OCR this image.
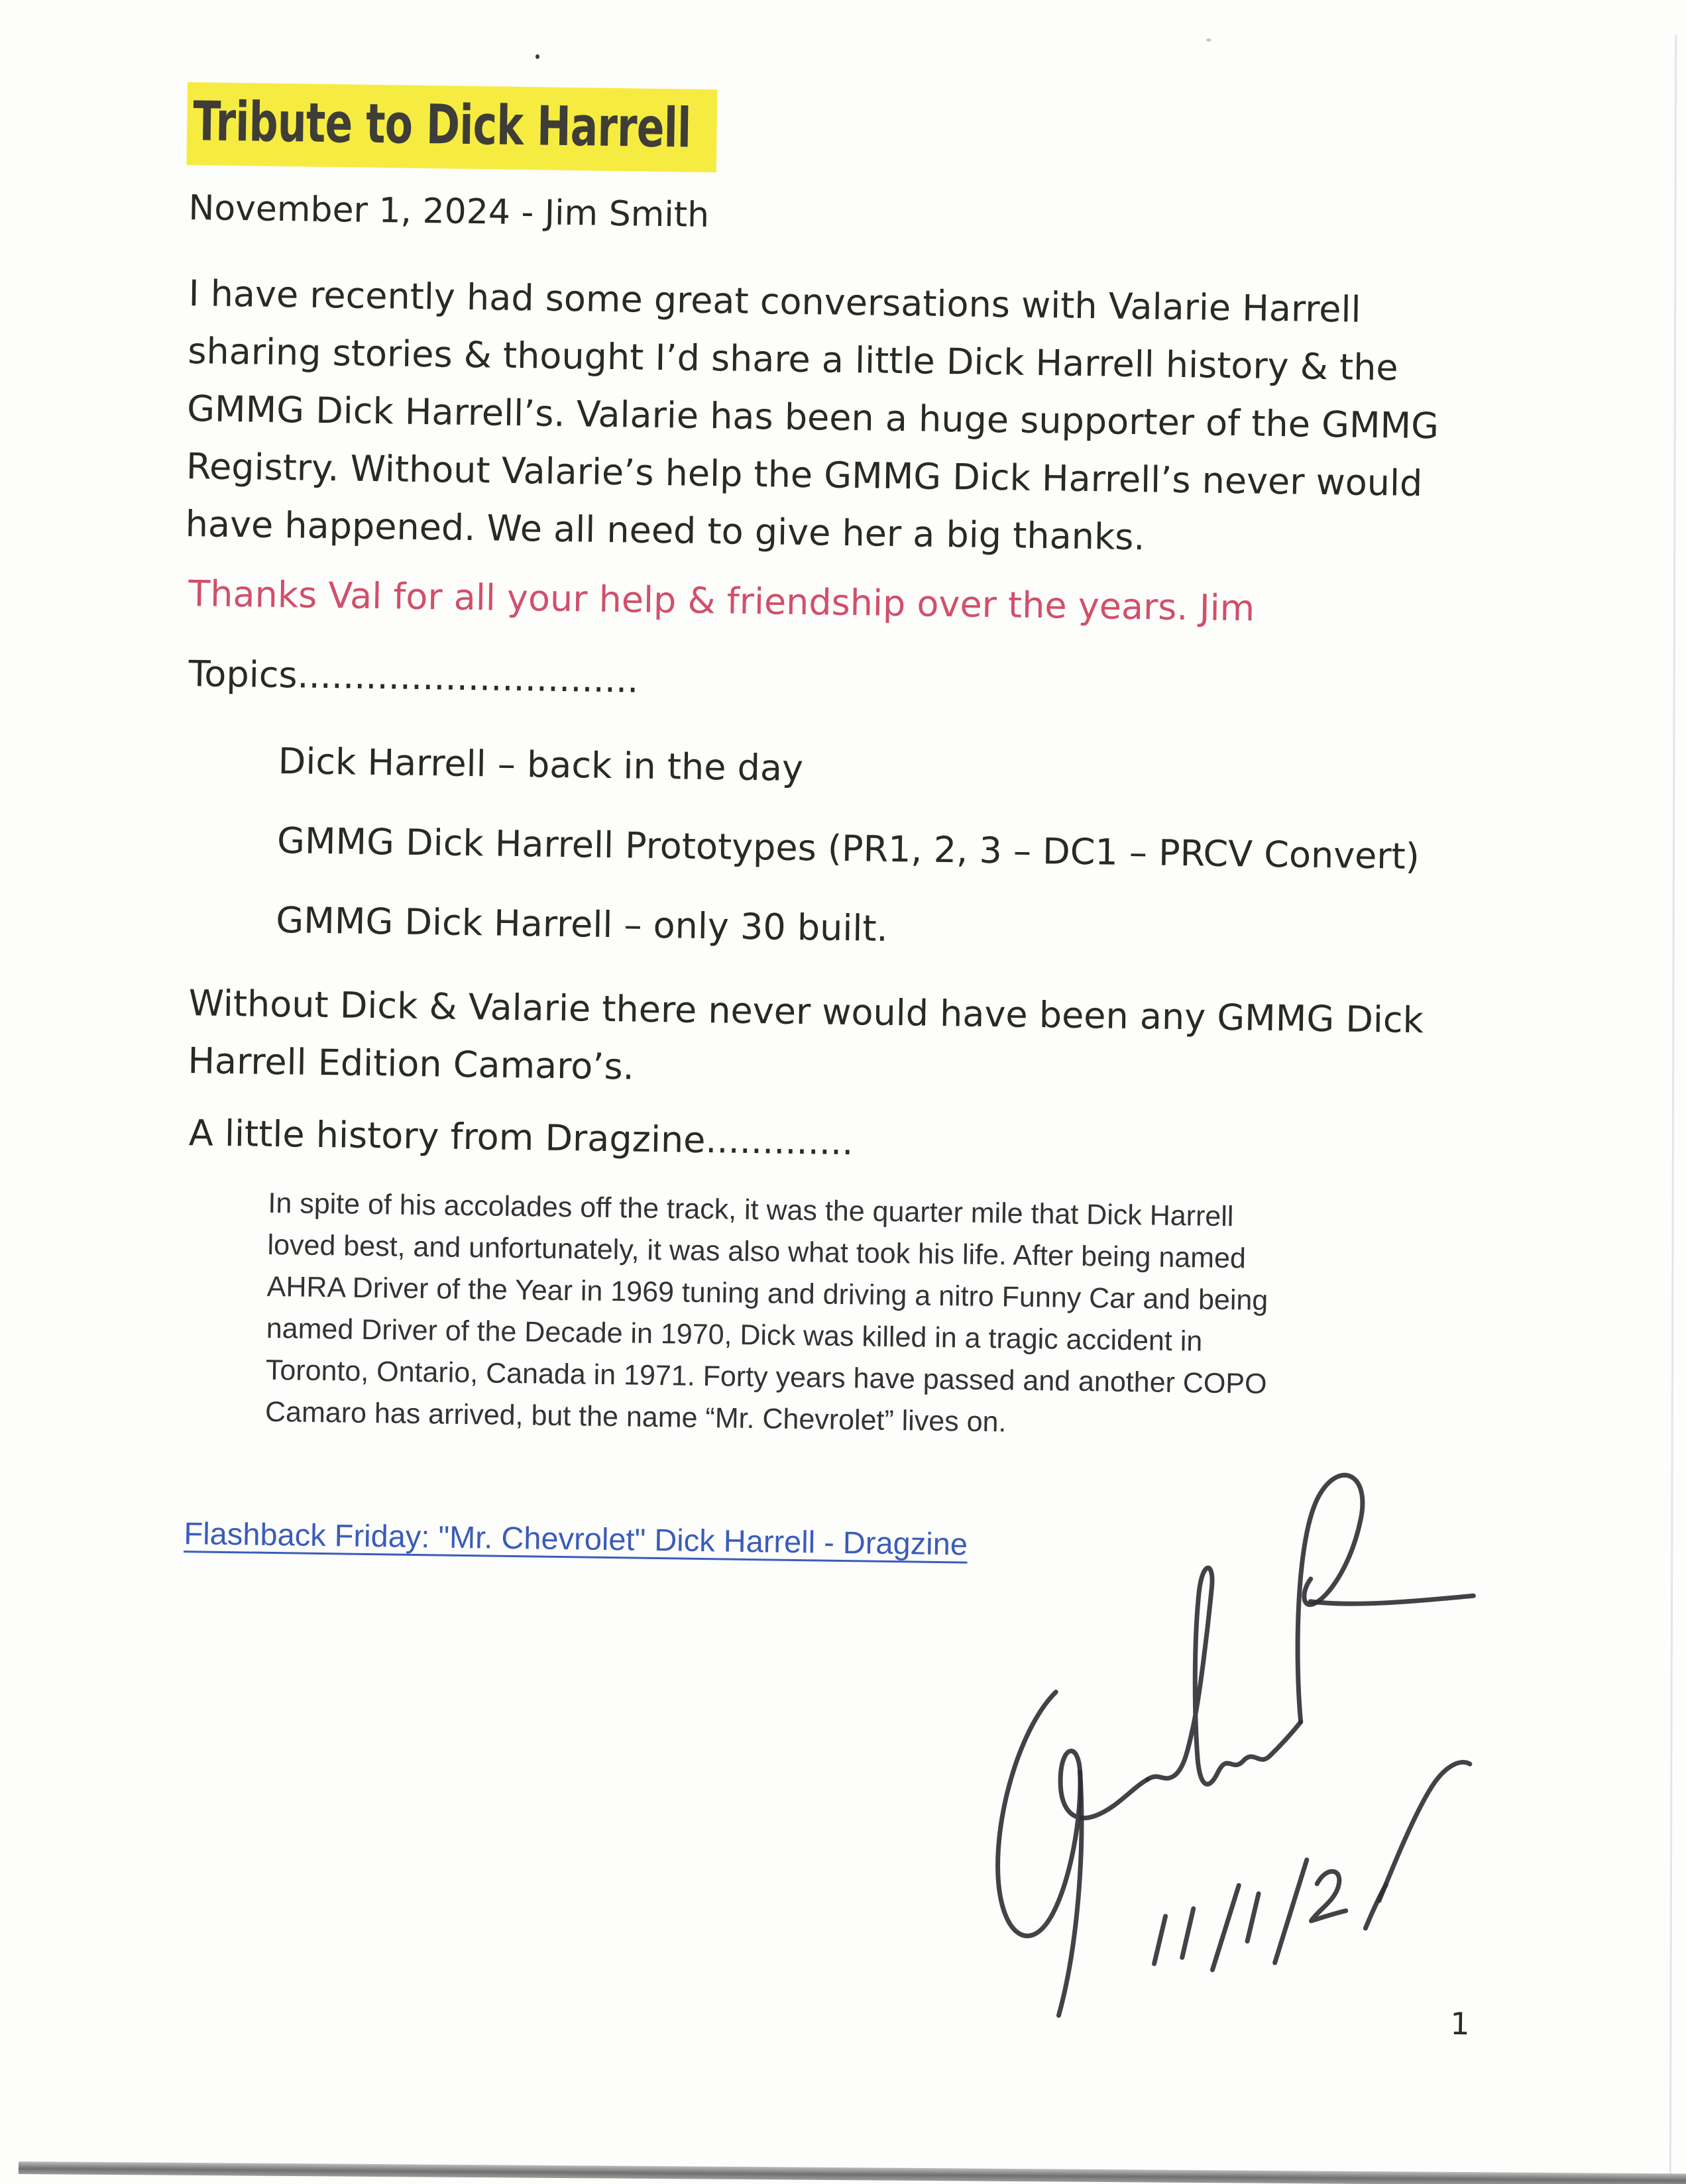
Tribute to Dick Harrell
November 1, 2024 - Jim Smith
I have recently had some great conversations with Valarie Harrell
sharing stories & thought I’d share a little Dick Harrell history & the
GMMG Dick Harrell’s. Valarie has been a huge supporter of the GMMG
Registry. Without Valarie’s help the GMMG Dick Harrell’s never would
have happened. We all need to give her a big thanks.
Thanks Val for all your help & friendship over the years. Jim
Topics..............................
Dick Harrell – back in the day
GMMG Dick Harrell Prototypes (PR1, 2, 3 – DC1 – PRCV Convert)
GMMG Dick Harrell – only 30 built.
Without Dick & Valarie there never would have been any GMMG Dick
Harrell Edition Camaro’s.
A little history from Dragzine.............
In spite of his accolades off the track, it was the quarter mile that Dick Harrell
loved best, and unfortunately, it was also what took his life. After being named
AHRA Driver of the Year in 1969 tuning and driving a nitro Funny Car and being
named Driver of the Decade in 1970, Dick was killed in a tragic accident in
Toronto, Ontario, Canada in 1971. Forty years have passed and another COPO
Camaro has arrived, but the name “Mr. Chevrolet” lives on.
Flashback Friday: "Mr. Chevrolet" Dick Harrell - Dragzine
1
